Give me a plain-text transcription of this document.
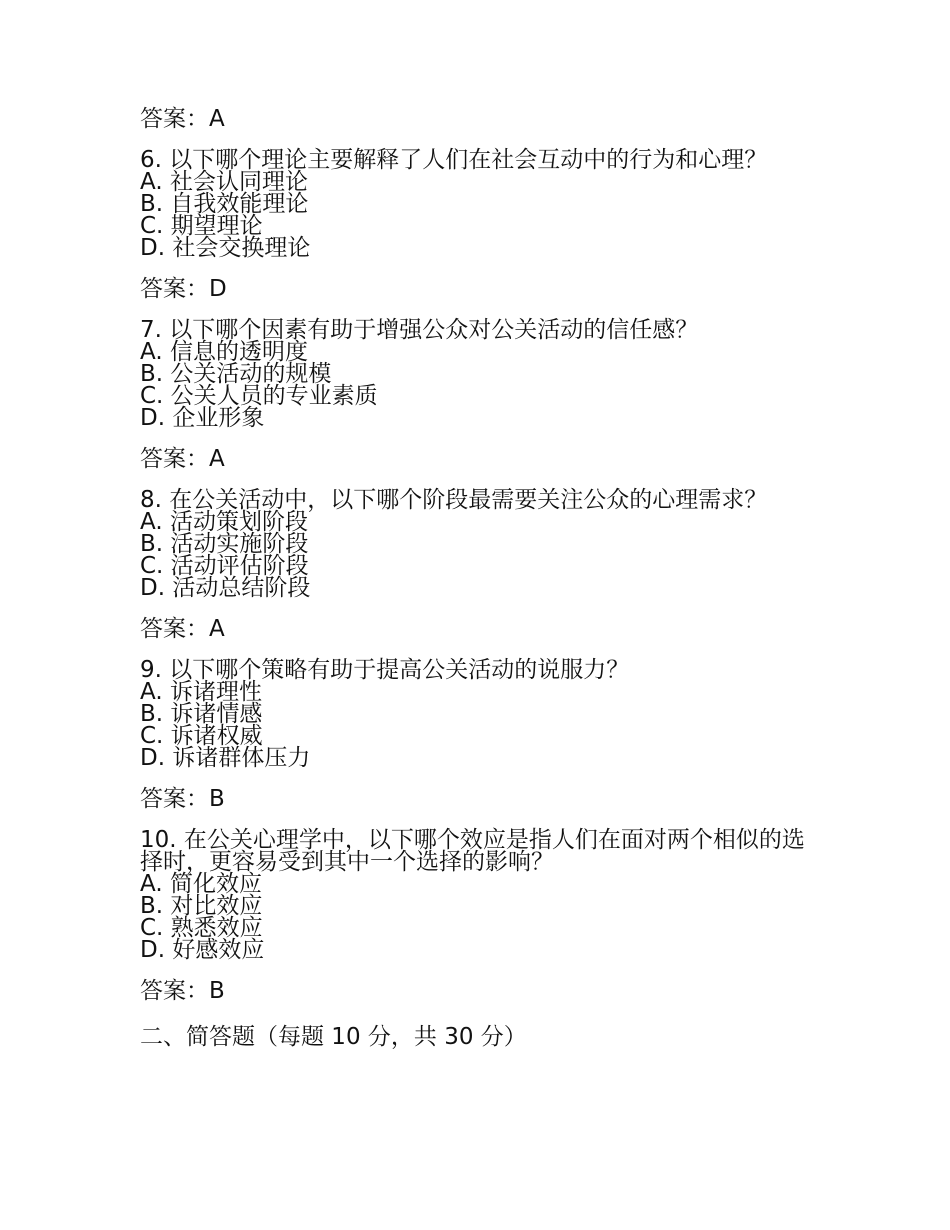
答案：A

6. 以下哪个理论主要解释了人们在社会互动中的行为和心理？

A. 社会认同理论

B. 自我效能理论

C. 期望理论

D. 社会交换理论

答案：D

7. 以下哪个因素有助于增强公众对公关活动的信任感？

A. 信息的透明度

B. 公关活动的规模

C. 公关人员的专业素质

D. 企业形象

答案：A

8. 在公关活动中，以下哪个阶段最需要关注公众的心理需求？

A. 活动策划阶段

B. 活动实施阶段

C. 活动评估阶段

D. 活动总结阶段

答案：A

9. 以下哪个策略有助于提高公关活动的说服力？

A. 诉诸理性

B. 诉诸情感

C. 诉诸权威

D. 诉诸群体压力

答案：B

10. 在公关心理学中，以下哪个效应是指人们在面对两个相似的选择时，更容易受到其中一个选择的影响？

A. 简化效应

B. 对比效应

C. 熟悉效应

D. 好感效应

答案：B

二、简答题（每题 10 分，共 30 分）
